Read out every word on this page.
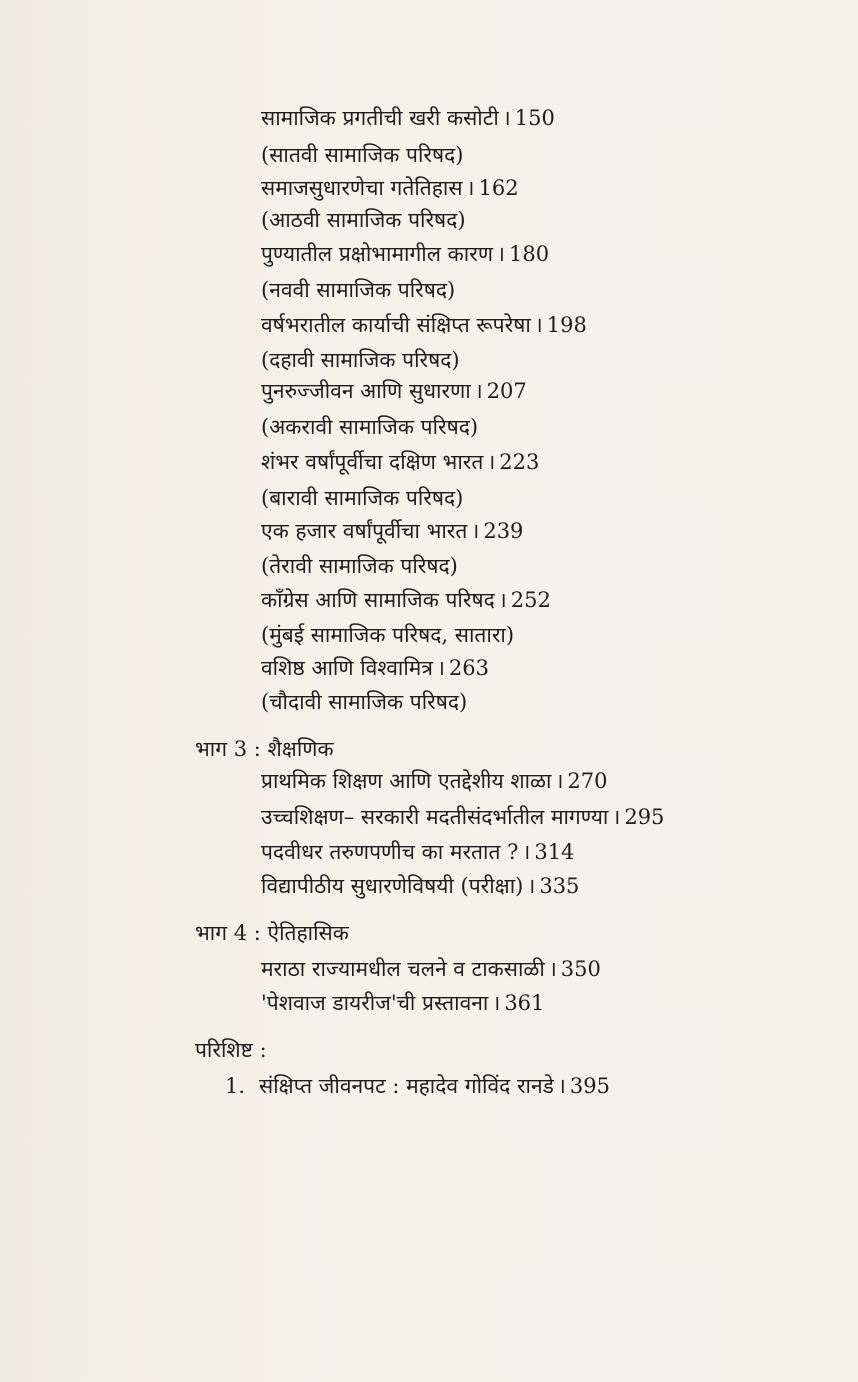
सामाजिक प्रगतीची खरी कसोटी । 150
(सातवी सामाजिक परिषद)
समाजसुधारणेचा गतेतिहास । 162
(आठवी सामाजिक परिषद)
पुण्यातील प्रक्षोभामागील कारण । 180
(नववी सामाजिक परिषद)
वर्षभरातील कार्याची संक्षिप्त रूपरेषा । 198
(दहावी सामाजिक परिषद)
पुनरुज्जीवन आणि सुधारणा । 207
(अकरावी सामाजिक परिषद)
शंभर वर्षांपूर्वीचा दक्षिण भारत । 223
(बारावी सामाजिक परिषद)
एक हजार वर्षांपूर्वीचा भारत । 239
(तेरावी सामाजिक परिषद)
काँग्रेस आणि सामाजिक परिषद । 252
(मुंबई सामाजिक परिषद, सातारा)
वशिष्ठ आणि विश्वामित्र । 263
(चौदावी सामाजिक परिषद)
भाग 3 : शैक्षणिक
प्राथमिक शिक्षण आणि एतद्देशीय शाळा । 270
उच्चशिक्षण– सरकारी मदतीसंदर्भातील मागण्या । 295
पदवीधर तरुणपणीच का मरतात ? । 314
विद्यापीठीय सुधारणेविषयी (परीक्षा) । 335
भाग 4 : ऐतिहासिक
मराठा राज्यामधील चलने व टाकसाळी । 350
'पेशवाज डायरीज'ची प्रस्तावना । 361
परिशिष्ट :
1. संक्षिप्त जीवनपट : महादेव गोविंद रानडे । 395
